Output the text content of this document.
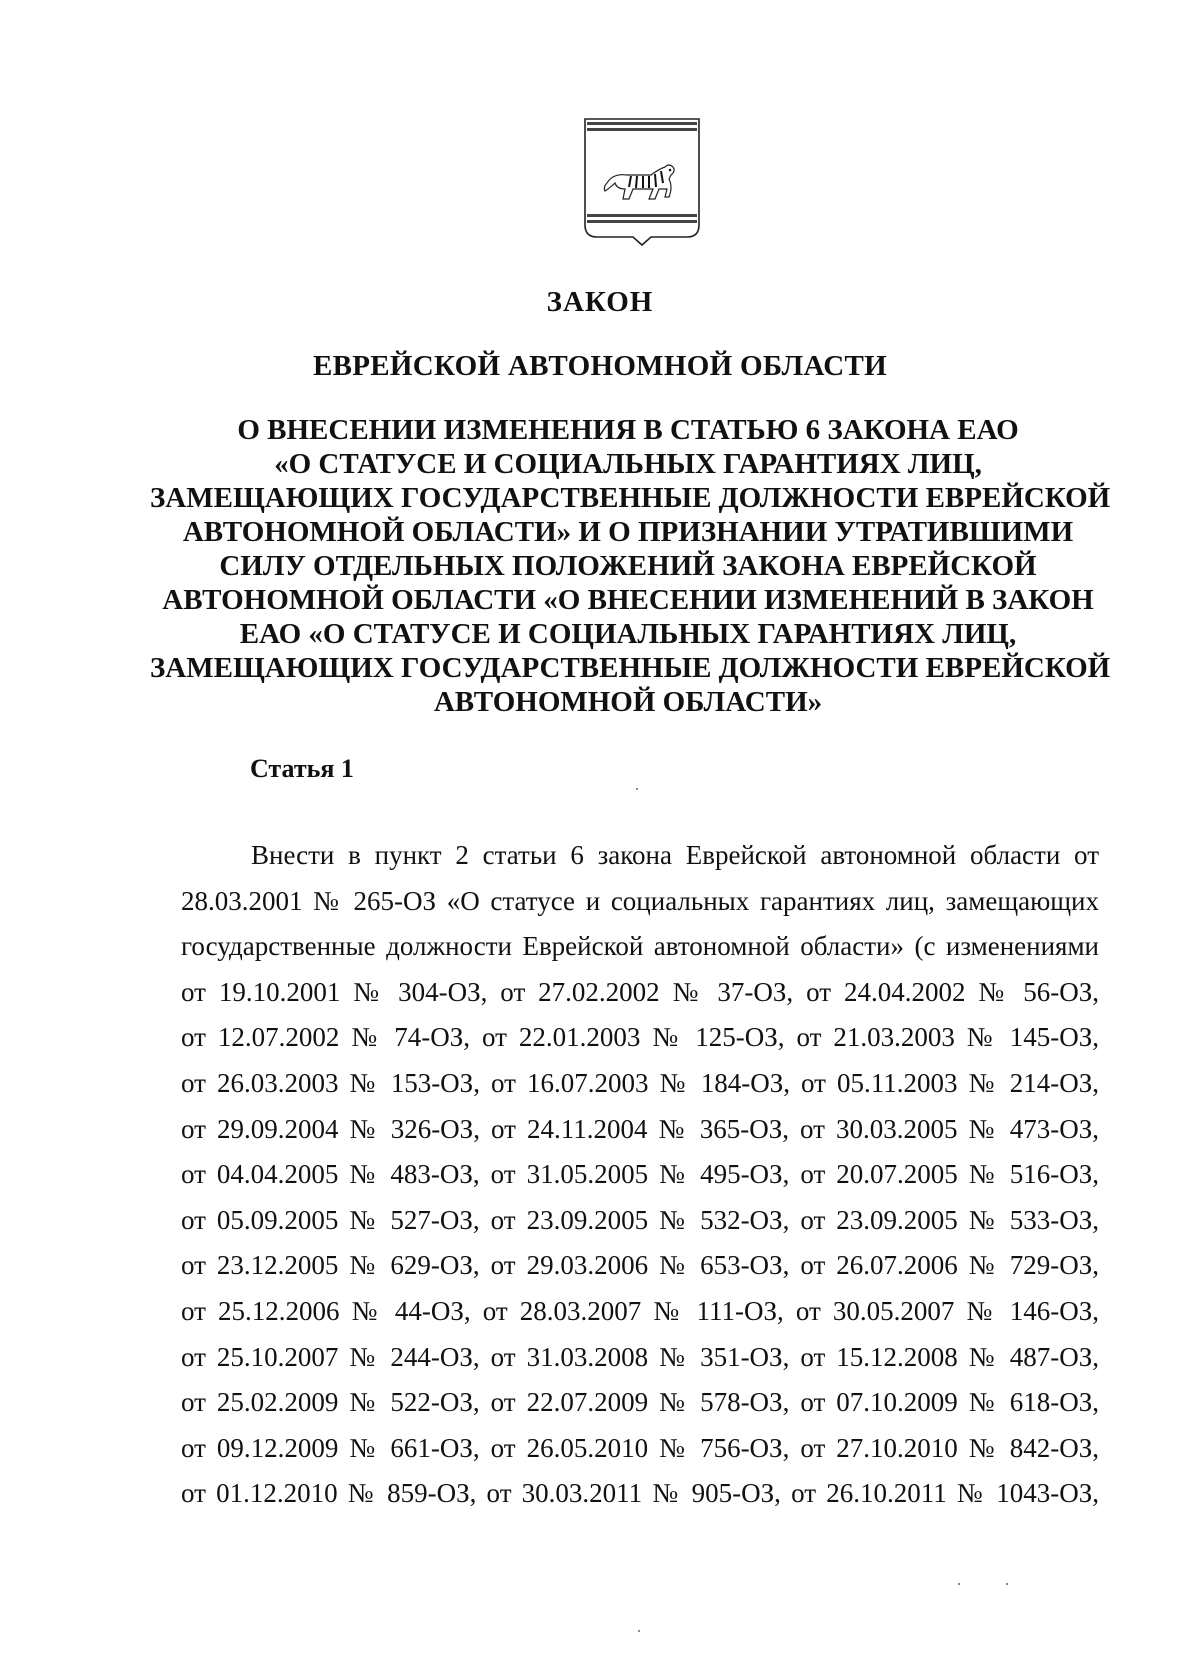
ЗАКОН
ЕВРЕЙСКОЙ АВТОНОМНОЙ ОБЛАСТИ
О ВНЕСЕНИИ ИЗМЕНЕНИЯ В СТАТЬЮ 6 ЗАКОНА ЕАО
«О СТАТУСЕ И СОЦИАЛЬНЫХ ГАРАНТИЯХ ЛИЦ,
ЗАМЕЩАЮЩИХ ГОСУДАРСТВЕННЫЕ ДОЛЖНОСТИ ЕВРЕЙСКОЙ
АВТОНОМНОЙ ОБЛАСТИ» И О ПРИЗНАНИИ УТРАТИВШИМИ
СИЛУ ОТДЕЛЬНЫХ ПОЛОЖЕНИЙ ЗАКОНА ЕВРЕЙСКОЙ
АВТОНОМНОЙ ОБЛАСТИ «О ВНЕСЕНИИ ИЗМЕНЕНИЙ В ЗАКОН
ЕАО «О СТАТУСЕ И СОЦИАЛЬНЫХ ГАРАНТИЯХ ЛИЦ,
ЗАМЕЩАЮЩИХ ГОСУДАРСТВЕННЫЕ ДОЛЖНОСТИ ЕВРЕЙСКОЙ
АВТОНОМНОЙ ОБЛАСТИ»
Статья 1
Внести в пункт 2 статьи 6 закона Еврейской автономной области от
28.03.2001 № 265-ОЗ «О статусе и социальных гарантиях лиц, замещающих
государственные должности Еврейской автономной области» (с изменениями
от 19.10.2001 № 304-ОЗ, от 27.02.2002 № 37-ОЗ, от 24.04.2002 № 56-ОЗ,
от 12.07.2002 № 74-ОЗ, от 22.01.2003 № 125-ОЗ, от 21.03.2003 № 145-ОЗ,
от 26.03.2003 № 153-ОЗ, от 16.07.2003 № 184-ОЗ, от 05.11.2003 № 214-ОЗ,
от 29.09.2004 № 326-ОЗ, от 24.11.2004 № 365-ОЗ, от 30.03.2005 № 473-ОЗ,
от 04.04.2005 № 483-ОЗ, от 31.05.2005 № 495-ОЗ, от 20.07.2005 № 516-ОЗ,
от 05.09.2005 № 527-ОЗ, от 23.09.2005 № 532-ОЗ, от 23.09.2005 № 533-ОЗ,
от 23.12.2005 № 629-ОЗ, от 29.03.2006 № 653-ОЗ, от 26.07.2006 № 729-ОЗ,
от 25.12.2006 № 44-ОЗ, от 28.03.2007 № 111-ОЗ, от 30.05.2007 № 146-ОЗ,
от 25.10.2007 № 244-ОЗ, от 31.03.2008 № 351-ОЗ, от 15.12.2008 № 487-ОЗ,
от 25.02.2009 № 522-ОЗ, от 22.07.2009 № 578-ОЗ, от 07.10.2009 № 618-ОЗ,
от 09.12.2009 № 661-ОЗ, от 26.05.2010 № 756-ОЗ, от 27.10.2010 № 842-ОЗ,
от 01.12.2010 № 859-ОЗ, от 30.03.2011 № 905-ОЗ, от 26.10.2011 № 1043-ОЗ,
